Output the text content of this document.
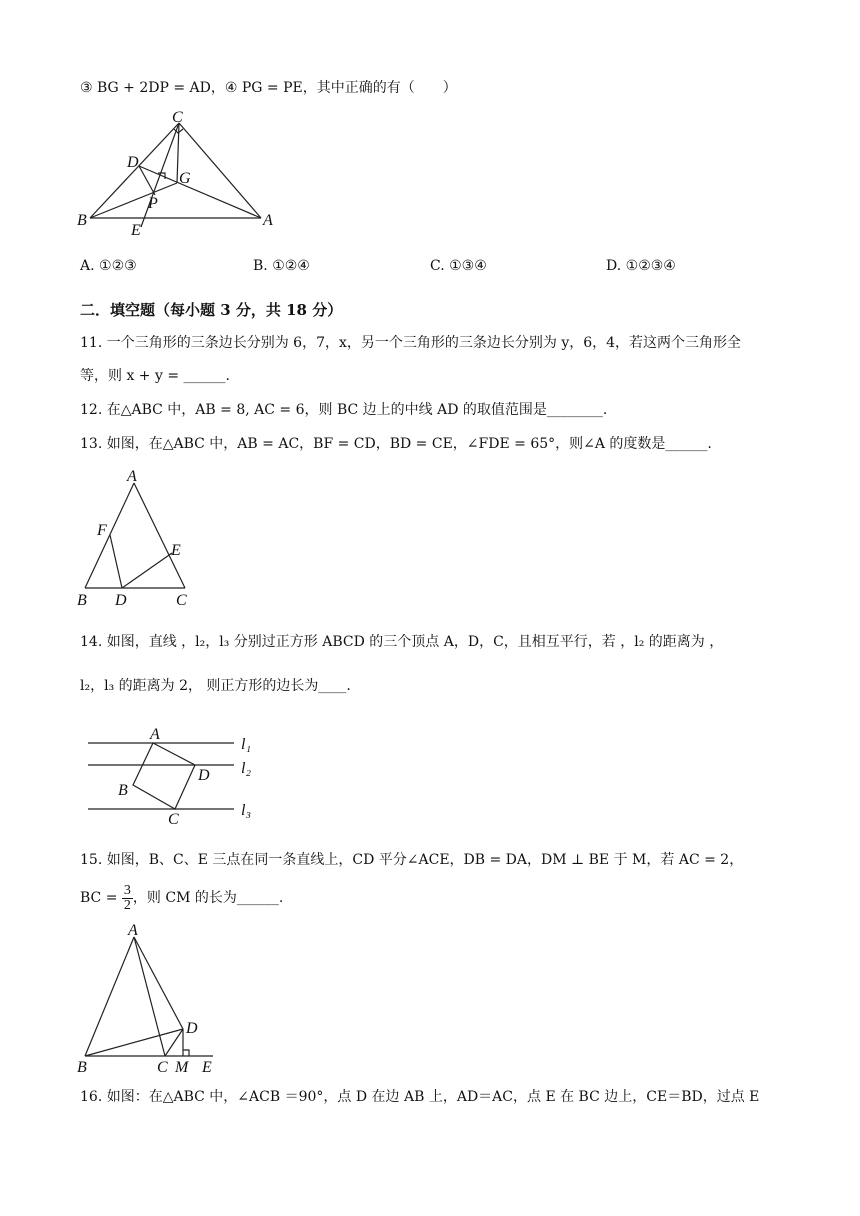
③ BG + 2DP = AD，④ PG = PE，其中正确的有（　　）
C
D
G
P
B	A
E
A. ①②③	B. ①②④	C. ①③④	D. ①②③④
二．填空题（每小题 3 分，共 18 分）
11. 一个三角形的三条边长分别为 6，7，x，另一个三角形的三条边长分别为 y，6，4，若这两个三角形全
等，则 x + y = ______.
12. 在△ABC 中，AB = 8, AC = 6，则 BC 边上的中线 AD 的取值范围是________.
13. 如图，在△ABC 中，AB = AC，BF = CD，BD = CE，∠FDE = 65°，则∠A 的度数是______.
A
F
E
B D	C
14. 如图，直线 ，l₂，l₃ 分别过正方形 ABCD 的三个顶点 A，D，C，且相互平行，若 ，l₂ 的距离为 ，
l₂，l₃ 的距离为 2， 则正方形的边长为____.
A
D
B
C
l₁
l₂
l₃
15. 如图，B、C、E 三点在同一条直线上，CD 平分∠ACE，DB = DA，DM ⊥ BE 于 M，若 AC = 2，
BC = $\frac{3}{2}$ ，则 CM 的长为______.
A
D
B	C M E
16. 如图：在△ABC 中，∠ACB ＝90°，点 D 在边 AB 上，AD＝AC，点 E 在 BC 边上，CE＝BD，过点 E
